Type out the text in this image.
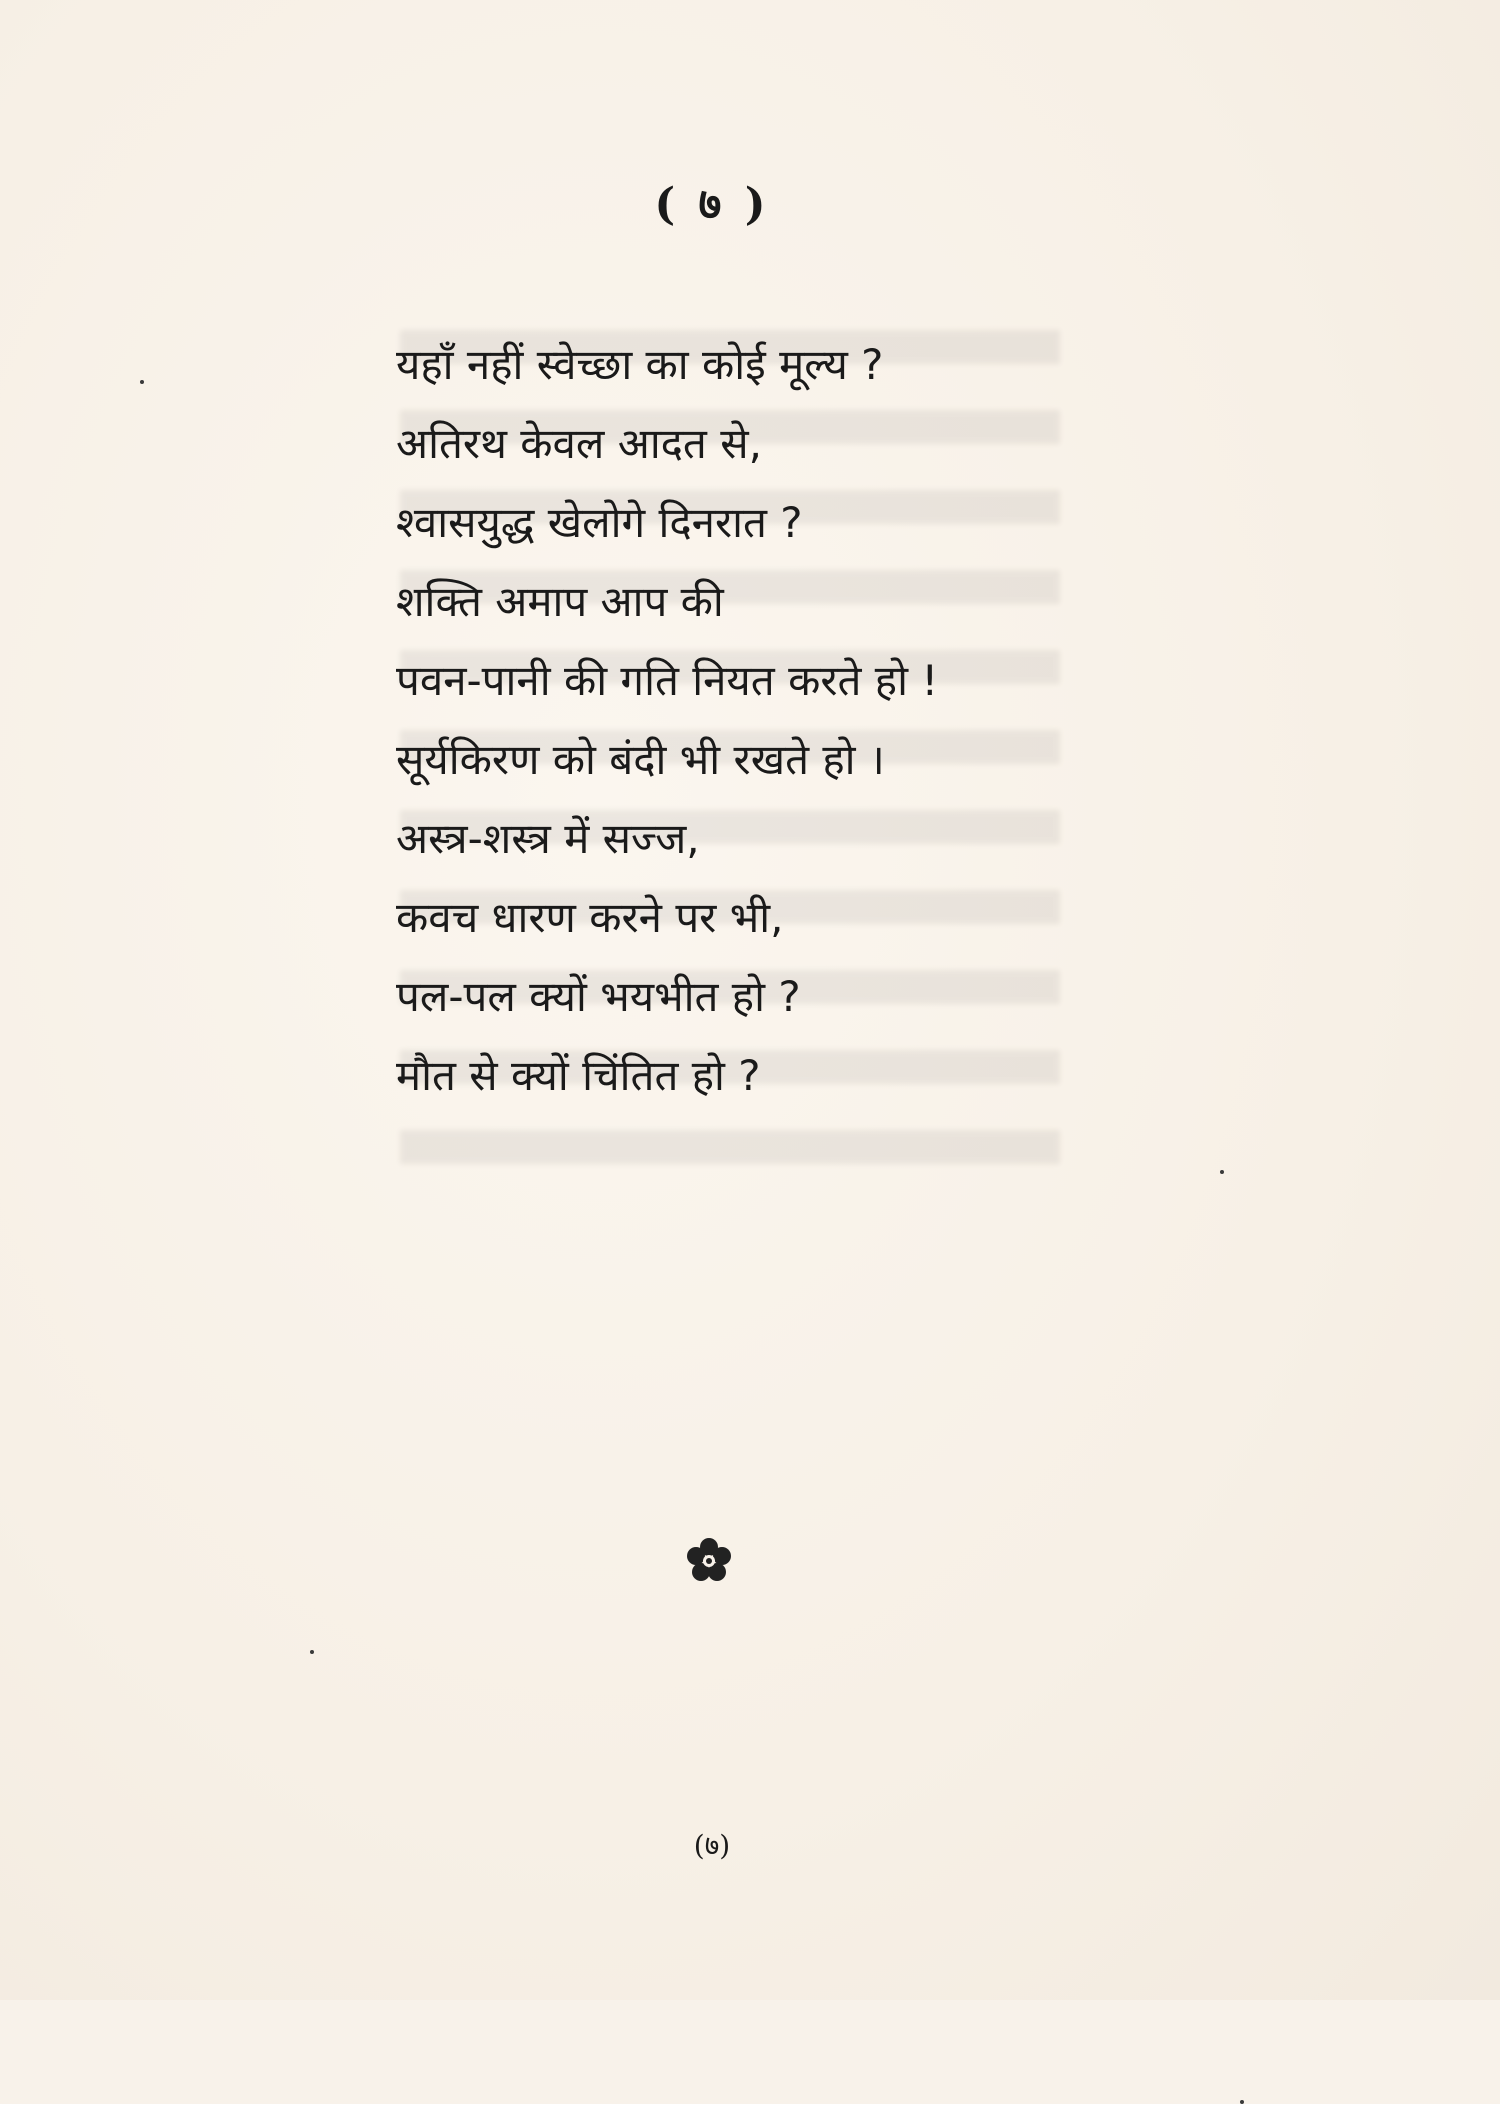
( ७ )
यहाँ नहीं स्वेच्छा का कोई मूल्य ?
अतिरथ केवल आदत से,
श्वासयुद्ध खेलोगे दिनरात ?
शक्ति अमाप आप की
पवन-पानी की गति नियत करते हो !
सूर्यकिरण को बंदी भी रखते हो ।
अस्त्र-शस्त्र में सज्ज,
कवच धारण करने पर भी,
पल-पल क्यों भयभीत हो ?
मौत से क्यों चिंतित हो ?
(७)
